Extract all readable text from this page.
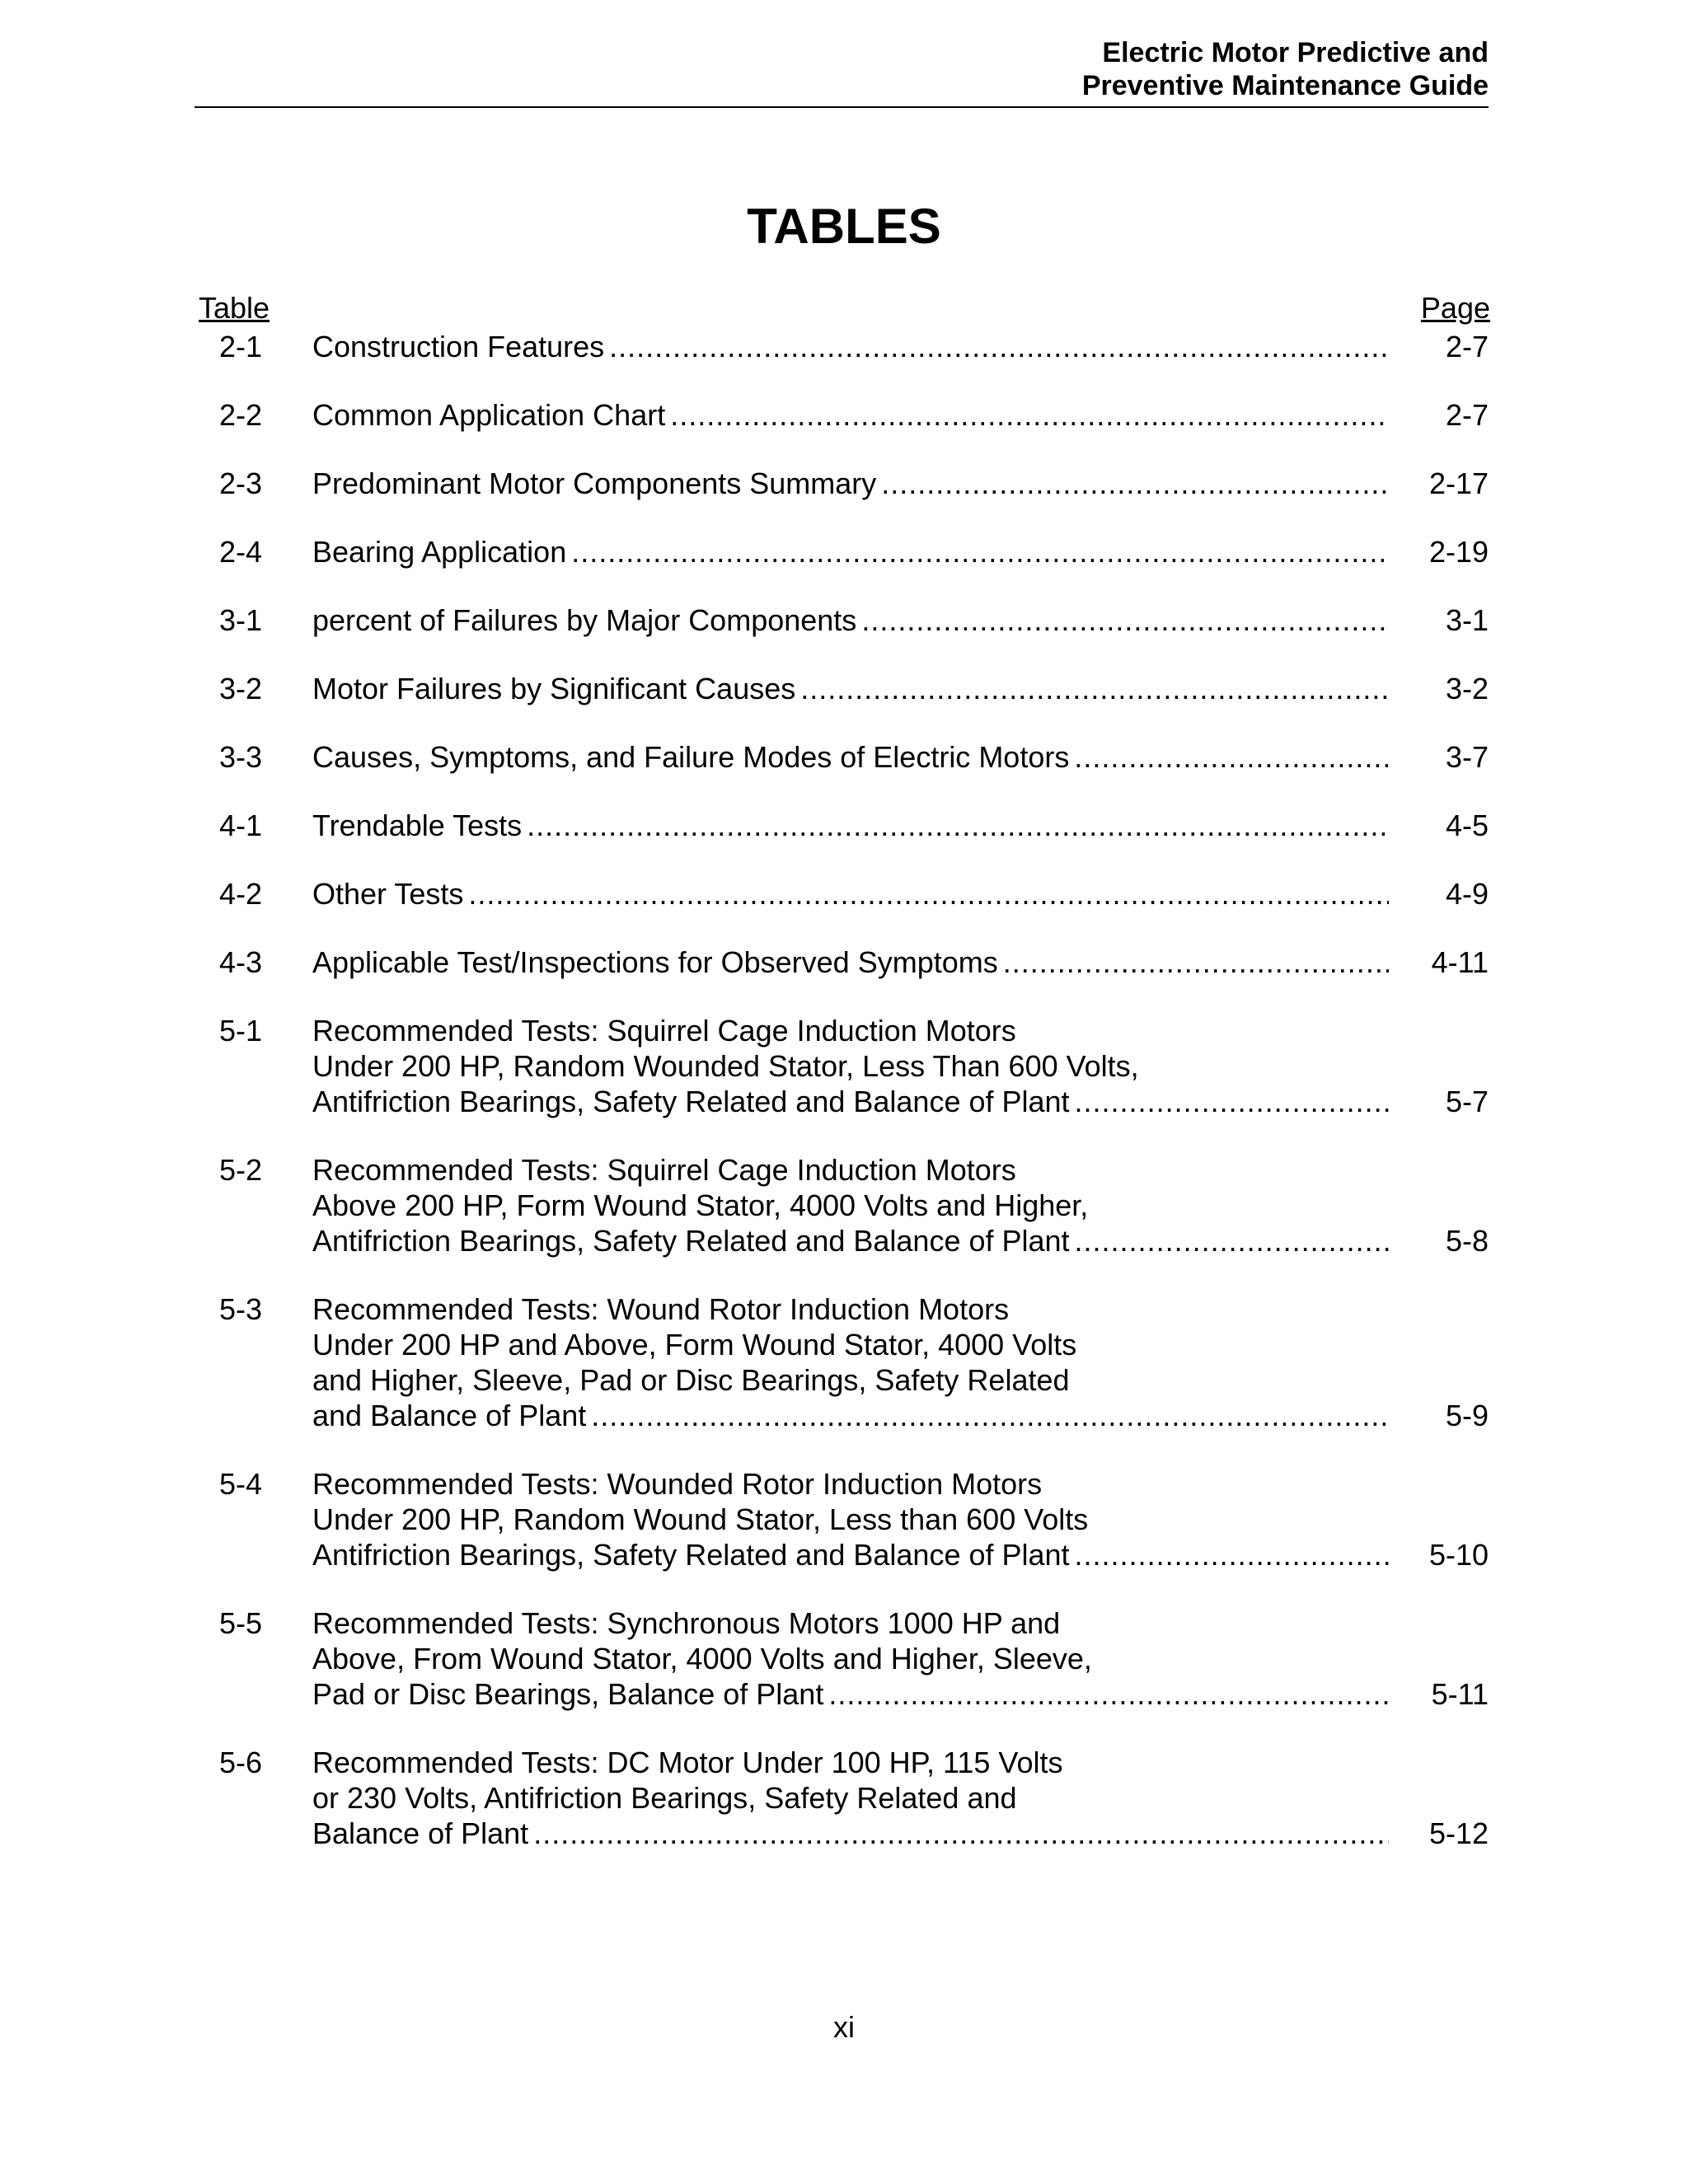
Electric Motor Predictive and
Preventive Maintenance Guide
TABLES
Table	Page
2-1 Construction Features .....	2-7
2-2 Common Application Chart .....	2-7
2-3 Predominant Motor Components Summary .....	2-17
2-4 Bearing Application .....	2-19
3-1 percent of Failures by Major Components .....	3-1
3-2 Motor Failures by Significant Causes .....	3-2
3-3 Causes, Symptoms, and Failure Modes of Electric Motors .....	3-7
4-1 Trendable Tests .....	4-5
4-2 Other Tests .....	4-9
4-3 Applicable Test/Inspections for Observed Symptoms .....	4-11
5-1 Recommended Tests: Squirrel Cage Induction Motors
Under 200 HP, Random Wounded Stator, Less Than 600 Volts,
Antifriction Bearings, Safety Related and Balance of Plant .....	5-7
5-2 Recommended Tests: Squirrel Cage Induction Motors
Above 200 HP, Form Wound Stator, 4000 Volts and Higher,
Antifriction Bearings, Safety Related and Balance of Plant .....	5-8
5-3 Recommended Tests: Wound Rotor Induction Motors
Under 200 HP and Above, Form Wound Stator, 4000 Volts
and Higher, Sleeve, Pad or Disc Bearings, Safety Related
and Balance of Plant .....	5-9
5-4 Recommended Tests: Wounded Rotor Induction Motors
Under 200 HP, Random Wound Stator, Less than 600 Volts
Antifriction Bearings, Safety Related and Balance of Plant .....	5-10
5-5 Recommended Tests: Synchronous Motors 1000 HP and
Above, From Wound Stator, 4000 Volts and Higher, Sleeve,
Pad or Disc Bearings, Balance of Plant .....	5-11
5-6 Recommended Tests: DC Motor Under 100 HP, 115 Volts
or 230 Volts, Antifriction Bearings, Safety Related and
Balance of Plant .....	5-12
xi
